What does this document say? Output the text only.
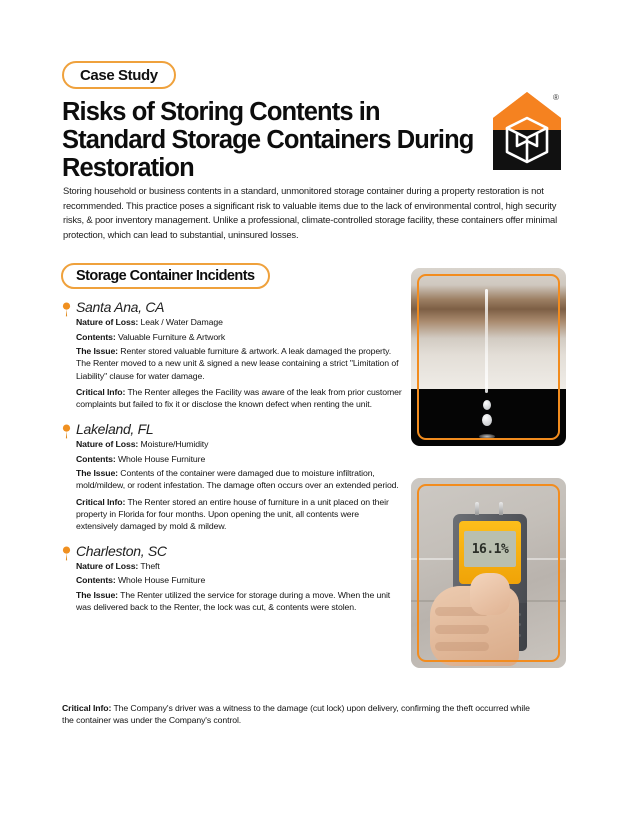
Case Study
Risks of Storing Contents in Standard Storage Containers During Restoration
®
Storing household or business contents in a standard, unmonitored storage container during a property restoration is not recommended. This practice poses a significant risk to valuable items due to the lack of environmental control, high security risks, & poor inventory management. Unlike a professional, climate-controlled storage facility, these containers offer minimal protection, which can lead to substantial, uninsured losses.
Storage Container Incidents
Santa Ana, CA

Nature of Loss: Leak / Water Damage

Contents: Valuable Furniture & Artwork

The Issue: Renter stored valuable furniture & artwork. A leak damaged the property. The Renter moved to a new unit & signed a new lease containing a strict "Limitation of Liability" clause for water damage.

Critical Info: The Renter alleges the Facility was aware of the leak from prior customer complaints but failed to fix it or disclose the known defect when renting the unit.

Lakeland, FL

Nature of Loss: Moisture/Humidity

Contents: Whole House Furniture

The Issue: Contents of the container were damaged due to moisture infiltration, mold/mildew, or rodent infestation. The damage often occurs over an extended period.

Critical Info: The Renter stored an entire house of furniture in a unit placed on their property in Florida for four months. Upon opening the unit, all contents were extensively damaged by mold & mildew.

Charleston, SC

Nature of Loss: Theft

Contents: Whole House Furniture

The Issue: The Renter utilized the service for storage during a move. When the unit was delivered back to the Renter, the lock was cut, & contents were stolen.

Critical Info: The Company's driver was a witness to the damage (cut lock) upon delivery, confirming the theft occurred while the container was under the Company's control.
16.1%
